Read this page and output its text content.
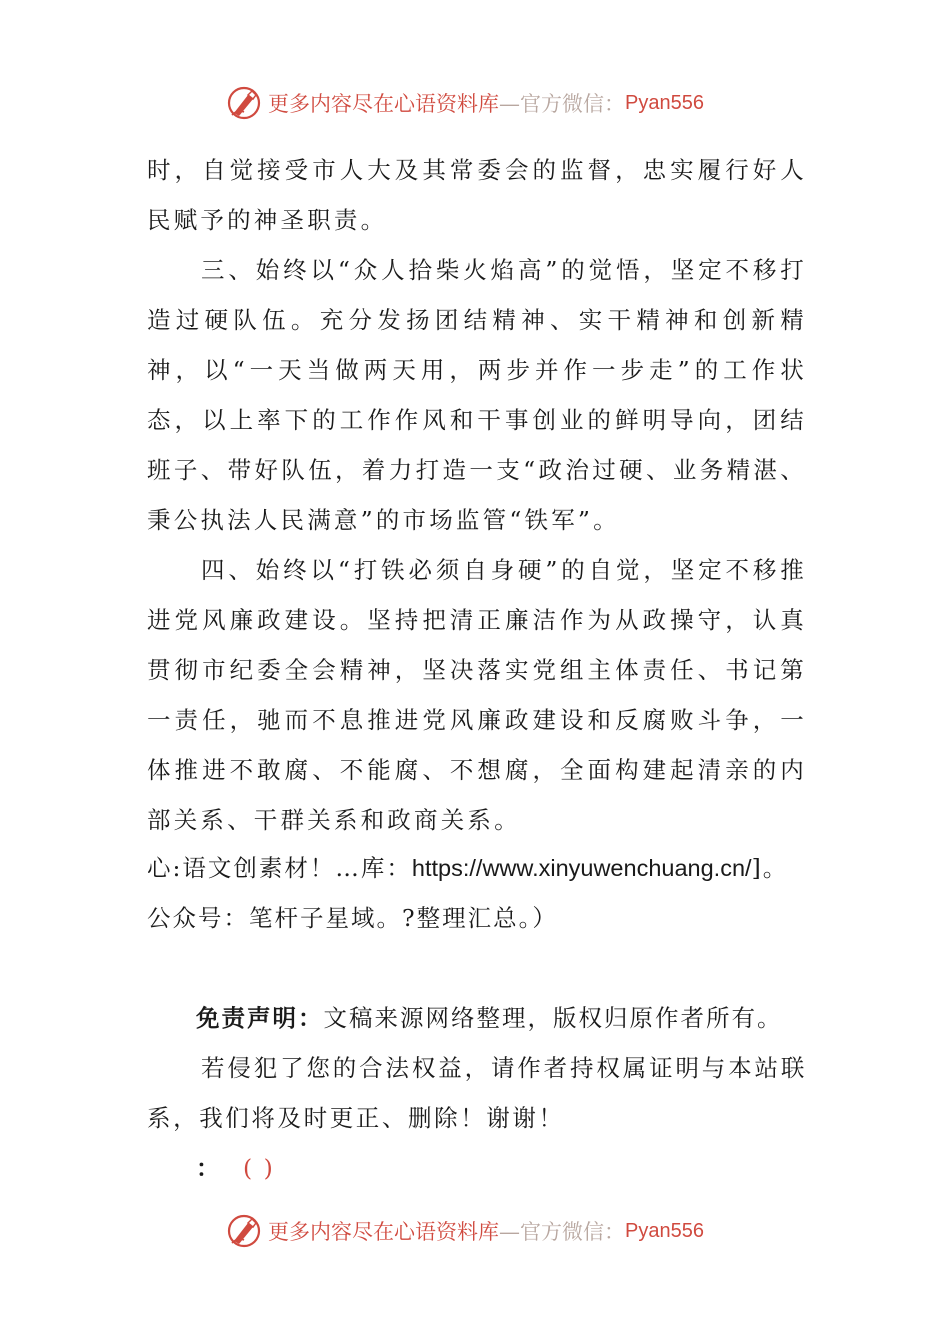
更多内容尽在心语资料库 —官方微信： Pyan556

时，自觉接受市人大及其常委会的监督，忠实履行好人民赋予的神圣职责。

三、始终以“众人拾柴火焰高”的觉悟，坚定不移打造过硬队伍。充分发扬团结精神、实干精神和创新精神，以“一天当做两天用，两步并作一步走”的工作状态，以上率下的工作作风和干事创业的鲜明导向，团结班子、带好队伍，着力打造一支“政治过硬、业务精湛、秉公执法人民满意”的市场监管“铁军”。

四、始终以“打铁必须自身硬”的自觉，坚定不移推进党风廉政建设。坚持把清正廉洁作为从政操守，认真贯彻市纪委全会精神，坚决落实党组主体责任、书记第一责任，驰而不息推进党风廉政建设和反腐败斗争，一体推进不敢腐、不能腐、不想腐，全面构建起清亲的内部关系、干群关系和政商关系。

心:语文创素材！…库：https://www.xinyuwenchuang.cn/]。
公众号：笔杆子星域。?整理汇总。）
免责声明：文稿来源网络整理，版权归原作者所有。

若侵犯了您的合法权益，请作者持权属证明与本站联系，我们将及时更正、删除！谢谢！

： ( )
更多内容尽在心语资料库 —官方微信： Pyan556
